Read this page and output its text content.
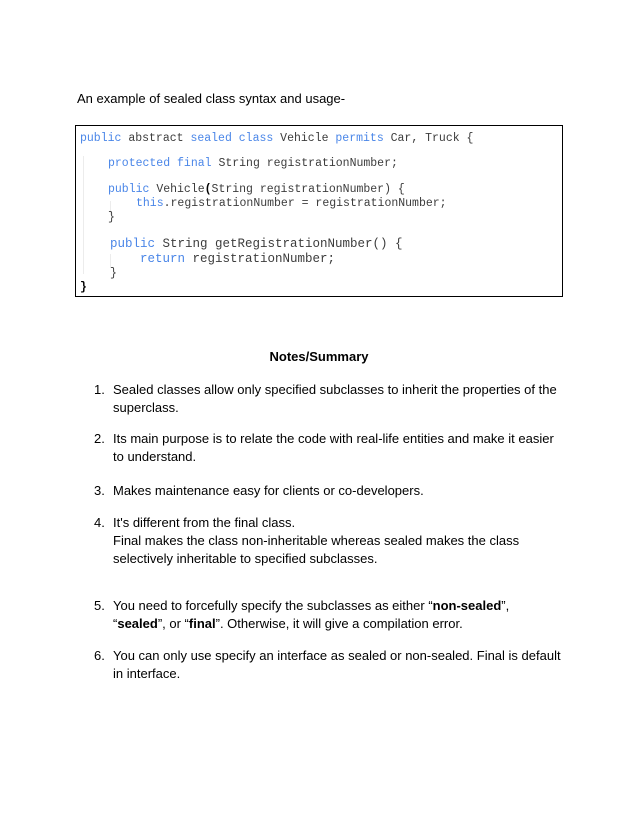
An example of sealed class syntax and usage-
public abstract sealed class Vehicle permits Car, Truck {
protected final String registrationNumber;
public Vehicle(String registrationNumber) {
this.registrationNumber = registrationNumber;
}
public String getRegistrationNumber() {
return registrationNumber;
}
}
Notes/Summary
1. Sealed classes allow only specified subclasses to inherit the properties of the superclass.
2. Its main purpose is to relate the code with real-life entities and make it easier to understand.
3. Makes maintenance easy for clients or co-developers.
4. It's different from the final class.
Final makes the class non-inheritable whereas sealed makes the class selectively inheritable to specified subclasses.
5. You need to forcefully specify the subclasses as either “non-sealed”, “sealed”, or “final”. Otherwise, it will give a compilation error.
6. You can only use specify an interface as sealed or non-sealed. Final is default in interface.
